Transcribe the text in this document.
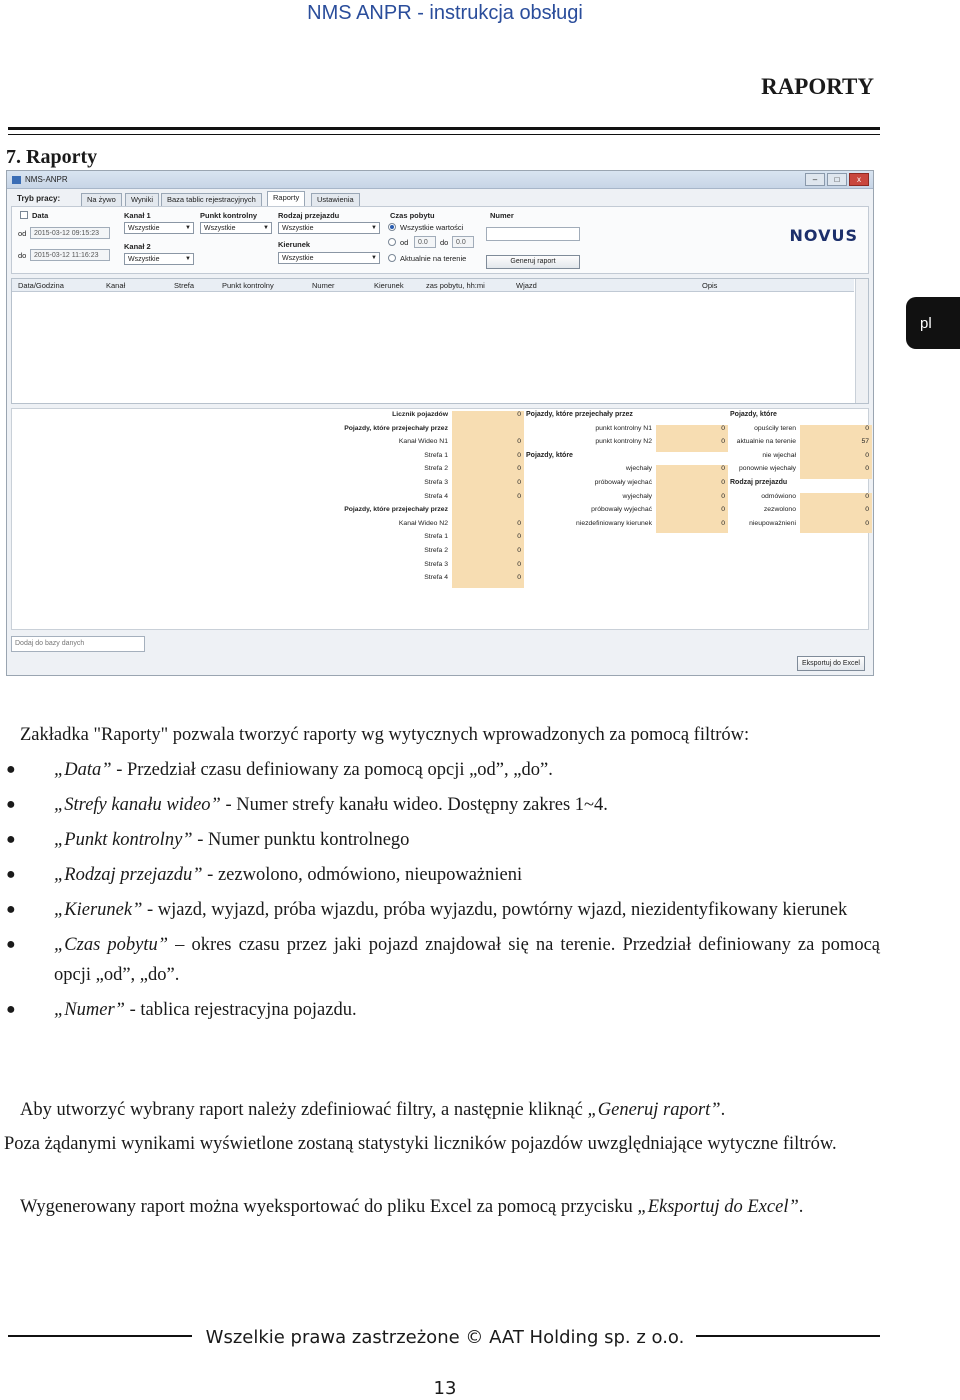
NMS ANPR - instrukcja obsługi
RAPORTY
7. Raporty
pl
NMS-ANPR	–	□	x
Tryb pracy:	Na żywo	Wyniki	Baza tablic rejestracyjnych	Raporty	Ustawienia
Data
od	2015-03-12 09:15:23
do	2015-03-12 11:16:23
Kanał 1
Wszystkie ▼
Kanał 2
Wszystkie ▼
Punkt kontrolny
Wszystkie ▼
Rodzaj przejazdu
Wszystkie ▼
Kierunek
Wszystkie ▼
Czas pobytu
Wszystkie wartości
od	0.0	do	0.0
Aktualnie na terenie
Numer
Generuj raport
NOVUS
Data/Godzina	Kanał	Strefa	Punkt kontrolny	Numer	Kierunek	zas pobytu, hh:mi	Wjazd	Opis
Licznik pojazdów	0
Pojazdy, które przejechały przez
Kanał Wideo N1	0
Strefa 1	0
Strefa 2	0
Strefa 3	0
Strefa 4	0
Pojazdy, które przejechały przez
Kanał Wideo N2	0
Strefa 1	0
Strefa 2	0
Strefa 3	0
Strefa 4	0
Pojazdy, które przejechały przez
punkt kontrolny N1	0
punkt kontrolny N2	0
Pojazdy, które
wjechały	0
próbowały wjechać	0
wyjechały	0
próbowały wyjechać	0
niezdefiniowany kierunek	0
Pojazdy, które
opuściły teren	0
aktualnie na terenie	57
nie wjechał	0
ponownie wjechały	0
Rodzaj przejazdu
odmówiono	0
zezwolono	0
nieupoważnieni	0
Dodaj do bazy danych
Eksportuj do Excel
Zakładka "Raporty" pozwala tworzyć raporty wg wytycznych wprowadzonych za pomocą filtrów:
● „Data” - Przedział czasu definiowany za pomocą opcji „od”, „do”.
● „Strefy kanału wideo” - Numer strefy kanału wideo. Dostępny zakres 1~4.
● „Punkt kontrolny” - Numer punktu kontrolnego
● „Rodzaj przejazdu” - zezwolono, odmówiono, nieupoważnieni
● „Kierunek” - wjazd, wyjazd, próba wjazdu, próba wyjazdu, powtórny wjazd, niezidentyfikowany kierunek
● „Czas pobytu” – okres czasu przez jaki pojazd znajdował się na terenie. Przedział definiowany za pomocą opcji „od”, „do”.
● „Numer” - tablica rejestracyjna pojazdu.
Aby utworzyć wybrany raport należy zdefiniować filtry, a następnie kliknąć „Generuj raport”.
Poza żądanymi wynikami wyświetlone zostaną statystyki liczników pojazdów uwzględniające wytyczne filtrów.
Wygenerowany raport można wyeksportować do pliku Excel za pomocą przycisku „Eksportuj do Excel”.
Wszelkie prawa zastrzeżone © AAT Holding sp. z o.o.
13
